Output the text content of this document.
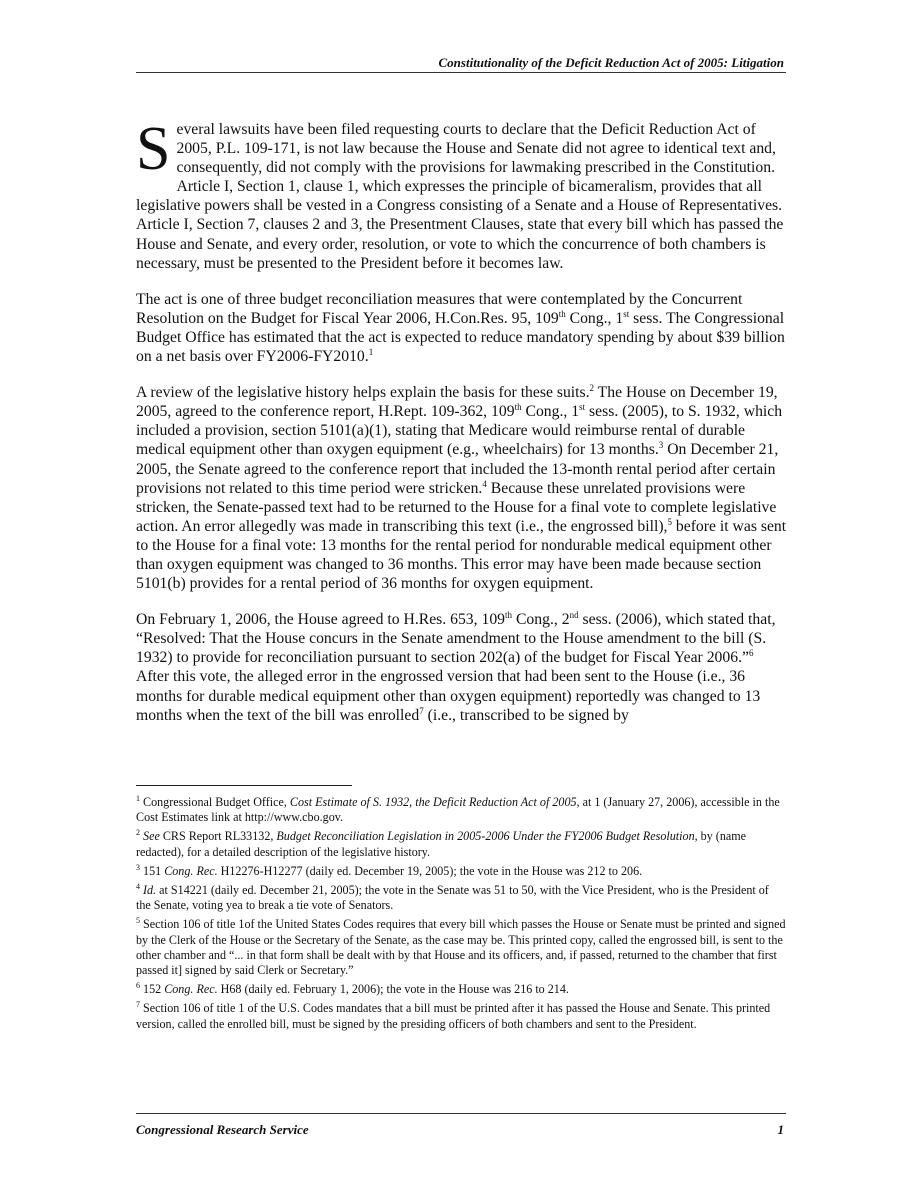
Constitutionality of the Deficit Reduction Act of 2005: Litigation

Several lawsuits have been filed requesting courts to declare that the Deficit Reduction Act of 2005, P.L. 109-171, is not law because the House and Senate did not agree to identical text and, consequently, did not comply with the provisions for lawmaking prescribed in the Constitution. Article I, Section 1, clause 1, which expresses the principle of bicameralism, provides that all legislative powers shall be vested in a Congress consisting of a Senate and a House of Representatives. Article I, Section 7, clauses 2 and 3, the Presentment Clauses, state that every bill which has passed the House and Senate, and every order, resolution, or vote to which the concurrence of both chambers is necessary, must be presented to the President before it becomes law.

The act is one of three budget reconciliation measures that were contemplated by the Concurrent Resolution on the Budget for Fiscal Year 2006, H.Con.Res. 95, 109th Cong., 1st sess. The Congressional Budget Office has estimated that the act is expected to reduce mandatory spending by about $39 billion on a net basis over FY2006-FY2010.$^1$

A review of the legislative history helps explain the basis for these suits.$^2$ The House on December 19, 2005, agreed to the conference report, H.Rept. 109-362, 109th Cong., 1st sess. (2005), to S. 1932, which included a provision, section 5101(a)(1), stating that Medicare would reimburse rental of durable medical equipment other than oxygen equipment (e.g., wheelchairs) for 13 months.$^3$ On December 21, 2005, the Senate agreed to the conference report that included the 13-month rental period after certain provisions not related to this time period were stricken.$^4$ Because these unrelated provisions were stricken, the Senate-passed text had to be returned to the House for a final vote to complete legislative action. An error allegedly was made in transcribing this text (i.e., the engrossed bill),$^5$ before it was sent to the House for a final vote: 13 months for the rental period for nondurable medical equipment other than oxygen equipment was changed to 36 months. This error may have been made because section 5101(b) provides for a rental period of 36 months for oxygen equipment.

On February 1, 2006, the House agreed to H.Res. 653, 109th Cong., 2nd sess. (2006), which stated that, “Resolved: That the House concurs in the Senate amendment to the House amendment to the bill (S. 1932) to provide for reconciliation pursuant to section 202(a) of the budget for Fiscal Year 2006.”$^6$ After this vote, the alleged error in the engrossed version that had been sent to the House (i.e., 36 months for durable medical equipment other than oxygen equipment) reportedly was changed to 13 months when the text of the bill was enrolled$^7$ (i.e., transcribed to be signed by

$^1$ Congressional Budget Office, Cost Estimate of S. 1932, the Deficit Reduction Act of 2005, at 1 (January 27, 2006), accessible in the Cost Estimates link at http://www.cbo.gov.
$^2$ See CRS Report RL33132, Budget Reconciliation Legislation in 2005-2006 Under the FY2006 Budget Resolution, by (name redacted), for a detailed description of the legislative history.
$^3$ 151 Cong. Rec. H12276-H12277 (daily ed. December 19, 2005); the vote in the House was 212 to 206.
$^4$ Id. at S14221 (daily ed. December 21, 2005); the vote in the Senate was 51 to 50, with the Vice President, who is the President of the Senate, voting yea to break a tie vote of Senators.
$^5$ Section 106 of title 1of the United States Codes requires that every bill which passes the House or Senate must be printed and signed by the Clerk of the House or the Secretary of the Senate, as the case may be. This printed copy, called the engrossed bill, is sent to the other chamber and “... in that form shall be dealt with by that House and its officers, and, if passed, returned to the chamber that first passed it] signed by said Clerk or Secretary.”
$^6$ 152 Cong. Rec. H68 (daily ed. February 1, 2006); the vote in the House was 216 to 214.
$^7$ Section 106 of title 1 of the U.S. Codes mandates that a bill must be printed after it has passed the House and Senate. This printed version, called the enrolled bill, must be signed by the presiding officers of both chambers and sent to the President.
Congressional Research Service	1
